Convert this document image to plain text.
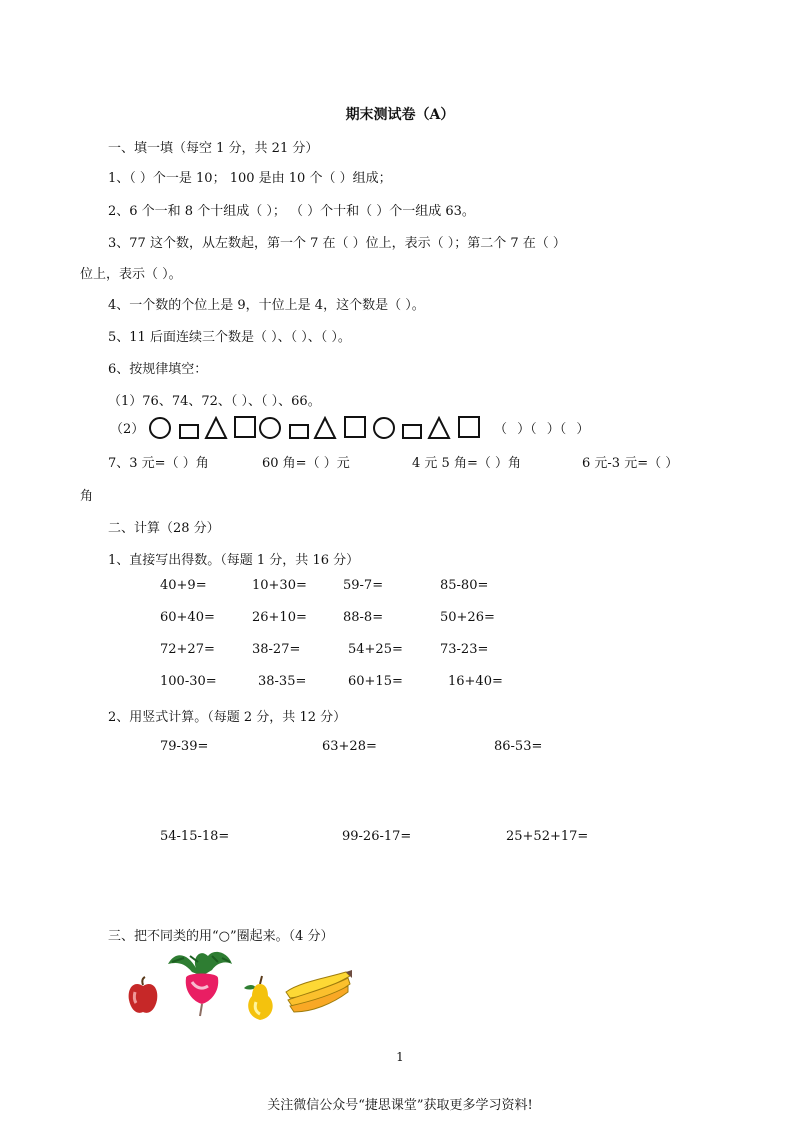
期末测试卷（A）
一、填一填（每空 1 分，共 21 分）
1、（ ）个一是 10； 100 是由 10 个（ ）组成；
2、6 个一和 8 个十组成（ ）； （ ）个十和（ ）个一组成 63。
3、77 这个数，从左数起，第一个 7 在（ ）位上，表示（ ）；第二个 7 在（ ）
位上，表示（ ）。
4、一个数的个位上是 9，十位上是 4，这个数是（ ）。
5、11 后面连续三个数是（ ）、（ ）、（ ）。
6、按规律填空：
（1）76、74、72、（ ）、（ ）、66。
（2）	（ ）（ ）（ ）
7、3 元=（ ）角	60 角=（ ）元	4 元 5 角=（ ）角	6 元-3 元=（ ）
角
二、计算（28 分）
1、直接写出得数。（每题 1 分，共 16 分）
40+9=	10+30=	59-7=	85-80=
60+40=	26+10=	88-8=	50+26=
72+27=	38-27=	54+25=	73-23=
100-30=	38-35=	60+15=	16+40=
2、用竖式计算。（每题 2 分，共 12 分）
79-39=	63+28=	86-53=
54-15-18=	99-26-17=	25+52+17=
三、把不同类的用“○”圈起来。（4 分）
1
关注微信公众号“捷思课堂”获取更多学习资料!
